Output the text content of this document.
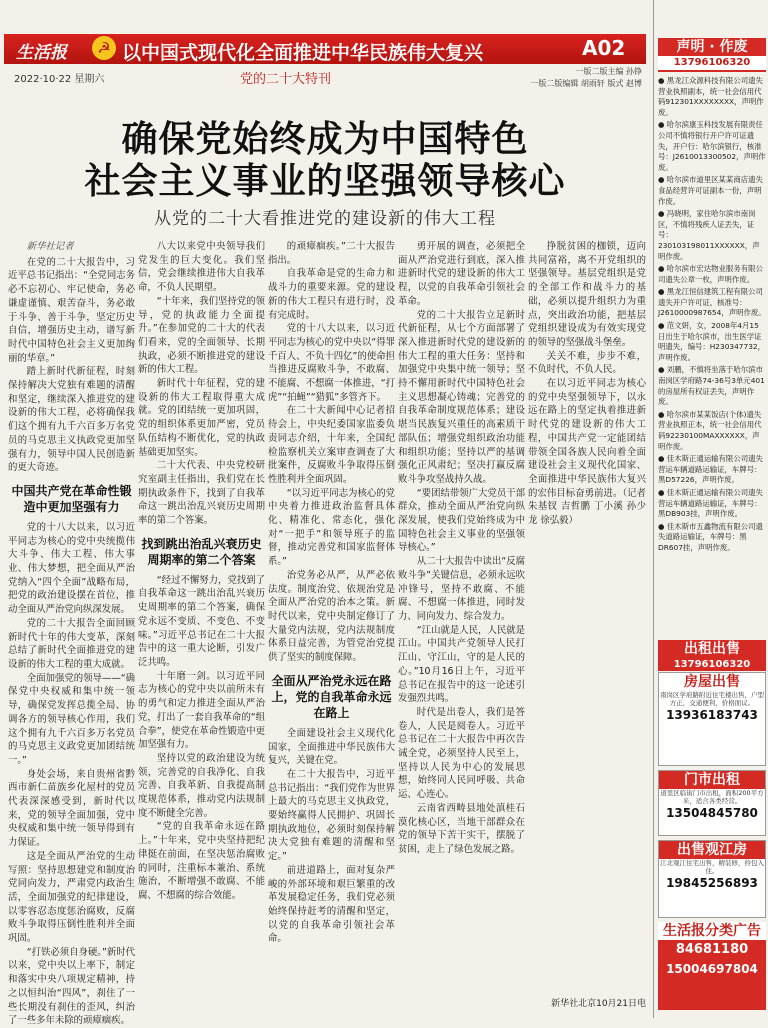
生活报	☭ 以中国式现代化全面推进中华民族伟大复兴	A02
2022·10·22 星期六	党的二十大特刊
一版二版主编 孙铮
一版二版编辑 胡雨轩 版式 赵博
确保党始终成为中国特色
社会主义事业的坚强领导核心
从党的二十大看推进党的建设新的伟大工程

新华社记者

在党的二十大报告中，习近平总书记指出：“全党同志务必不忘初心、牢记使命，务必谦虚谨慎、艰苦奋斗，务必敢于斗争、善于斗争，坚定历史自信，增强历史主动，谱写新时代中国特色社会主义更加绚丽的华章。”

踏上新时代新征程，时刻保持解决大党独有难题的清醒和坚定，继续深入推进党的建设新的伟大工程，必将确保我们这个拥有九千六百多万名党员的马克思主义执政党更加坚强有力，领导中国人民创造新的更大奇迹。

中国共产党在革命性锻造中更加坚强有力

党的十八大以来，以习近平同志为核心的党中央统揽伟大斗争、伟大工程、伟大事业、伟大梦想，把全面从严治党纳入“四个全面”战略布局，把党的政治建设摆在首位，推动全面从严治党向纵深发展。

党的二十大报告全面回顾新时代十年的伟大变革，深刻总结了新时代全面推进党的建设新的伟大工程的重大成就。

全面加强党的领导——“确保党中央权威和集中统一领导，确保党发挥总揽全局、协调各方的领导核心作用，我们这个拥有九千六百多万名党员的马克思主义政党更加团结统一。”

身处会场，来自贵州省黔西市新仁苗族乡化屋村的党员代表深深感受到，新时代以来，党的领导全面加强，党中央权威和集中统一领导得到有力保证。

这是全面从严治党的生动写照：坚持思想建党和制度治党同向发力，严肃党内政治生活，全面加强党的纪律建设，以零容忍态度惩治腐败，反腐败斗争取得压倒性胜利并全面巩固。

“打铁必须自身硬。”新时代以来，党中央以上率下，制定和落实中央八项规定精神，持之以恒纠治“四风”，刹住了一些长期没有刹住的歪风，纠治了一些多年未除的顽瘴痼疾。

八大以来党中央领导我们党发生的巨大变化。我们坚信，党会继续推进伟大自我革命，不负人民期望。

“十年来，我们坚持党的领导，党的执政能力全面提升。”在参加党的二十大的代表们看来，党的全面领导、长期执政，必须不断推进党的建设新的伟大工程。

新时代十年征程，党的建设新的伟大工程取得重大成就。党的团结统一更加巩固，党的组织体系更加严密，党员队伍结构不断优化，党的执政基础更加坚实。

二十大代表、中央党校研究室副主任指出，我们党在长期执政条件下，找到了自我革命这一跳出治乱兴衰历史周期率的第二个答案。

找到跳出治乱兴衰历史周期率的第二个答案

“经过不懈努力，党找到了自我革命这一跳出治乱兴衰历史周期率的第二个答案，确保党永远不变质、不变色、不变味。”习近平总书记在二十大报告中的这一重大论断，引发广泛共鸣。

十年磨一剑。以习近平同志为核心的党中央以前所未有的勇气和定力推进全面从严治党，打出了一套自我革命的“组合拳”，使党在革命性锻造中更加坚强有力。

坚持以党的政治建设为统领，完善党的自我净化、自我完善、自我革新、自我提高制度规范体系，推动党内法规制度不断健全完善。

“党的自我革命永远在路上。”十年来，党中央坚持把纪律挺在前面，在坚决惩治腐败的同时，注重标本兼治、系统施治，不断增强不敢腐、不能腐、不想腐的综合效能。

的顽瘴痼疾。”二十大报告指出。

自我革命是党的生命力和战斗力的重要来源。党的建设新的伟大工程只有进行时，没有完成时。

党的十八大以来，以习近平同志为核心的党中央以“得罪千百人、不负十四亿”的使命担当推进反腐败斗争，不敢腐、不能腐、不想腐一体推进，“打虎”“拍蝇”“猎狐”多管齐下。

在二十大新闻中心记者招待会上，中央纪委国家监委负责同志介绍，十年来，全国纪检监察机关立案审查调查了大批案件，反腐败斗争取得压倒性胜利并全面巩固。

“以习近平同志为核心的党中央着力推进政治监督具体化、精准化、常态化，强化对“一把手”和领导班子的监督，推动完善党和国家监督体系。”

治党务必从严，从严必依法度。制度治党、依规治党是全面从严治党的治本之策。新时代以来，党中央制定修订了大量党内法规，党内法规制度体系日益完善，为管党治党提供了坚实的制度保障。

全面从严治党永远在路上，党的自我革命永远在路上

全面建设社会主义现代化国家，全面推进中华民族伟大复兴，关键在党。

在二十大报告中，习近平总书记指出：“我们党作为世界上最大的马克思主义执政党，要始终赢得人民拥护、巩固长期执政地位，必须时刻保持解决大党独有难题的清醒和坚定。”

前进道路上，面对复杂严峻的外部环境和艰巨繁重的改革发展稳定任务，我们党必须始终保持赶考的清醒和坚定，以党的自我革命引领社会革命。

勇开展的调查，必须把全面从严治党进行到底，深入推进新时代党的建设新的伟大工程，以党的自我革命引领社会革命。

党的二十大报告立足新时代新征程，从七个方面部署了深入推进新时代党的建设新的伟大工程的重大任务：坚持和加强党中央集中统一领导；坚持不懈用新时代中国特色社会主义思想凝心铸魂；完善党的自我革命制度规范体系；建设堪当民族复兴重任的高素质干部队伍；增强党组织政治功能和组织功能；坚持以严的基调强化正风肃纪；坚决打赢反腐败斗争攻坚战持久战。

“要团结带领广大党员干部群众，推动全面从严治党向纵深发展，使我们党始终成为中国特色社会主义事业的坚强领导核心。”

从二十大报告中读出“反腐败斗争”关键信息，必须永远吹冲锋号，坚持不敢腐、不能腐、不想腐一体推进，同时发力、同向发力、综合发力。

“江山就是人民，人民就是江山。中国共产党领导人民打江山、守江山，守的是人民的心。”10月16日上午，习近平总书记在报告中的这一论述引发强烈共鸣。

时代是出卷人，我们是答卷人，人民是阅卷人。习近平总书记在二十大报告中再次告诫全党，必须坚持人民至上，坚持以人民为中心的发展思想，始终同人民同呼吸、共命运、心连心。

云南省西畴县地处滇桂石漠化核心区，当地干部群众在党的领导下苦干实干，摆脱了贫困，走上了绿色发展之路。

挣脱贫困的枷锁，迈向共同富裕，离不开党组织的坚强领导。基层党组织是党的全部工作和战斗力的基础，必须以提升组织力为重点，突出政治功能，把基层党组织建设成为有效实现党的领导的坚强战斗堡垒。

关关不难，步步不难，不负时代，不负人民。

在以习近平同志为核心的党中央坚强领导下，以永远在路上的坚定执着推进新时代党的建设新的伟大工程，中国共产党一定能团结带领全国各族人民向着全面建设社会主义现代化国家、全面推进中华民族伟大复兴的宏伟目标奋勇前进。（记者 朱基钗 吉哲鹏 丁小溪 孙少龙 徐弘毅）

新华社北京10月21日电
声明 · 作废
13796106320

● 黑龙江众源科技有限公司遗失营业执照副本，统一社会信用代码912301XXXXXXXX，声明作废。

● 哈尔滨康玉科技发展有限责任公司不慎将银行开户许可证遗失，开户行：哈尔滨银行，核准号：J2610013300502，声明作废。

● 哈尔滨市道里区某某商店遗失食品经营许可证副本一份，声明作废。

● 冯晓明，家住哈尔滨市南岗区，不慎将残疾人证丢失，证号：230103198011XXXXXX，声明作废。

● 哈尔滨市宏达物业服务有限公司遗失公章一枚，声明作废。

● 黑龙江恒信建筑工程有限公司遗失开户许可证，核准号：J2610000987654，声明作废。

● 范文妍，女，2008年4月15日出生于哈尔滨市，出生医学证明遗失，编号：H230347732，声明作废。

● 刘鹏，不慎将坐落于哈尔滨市南岗区学府路74-36号3单元401的房屋所有权证丢失，声明作废。

● 哈尔滨市某某饭店(个体)遗失营业执照正本，统一社会信用代码92230100MAXXXXXX，声明作废。

● 佳木斯正通运输有限公司遗失营运车辆道路运输证，车牌号：黑D57226，声明作废。

● 佳木斯正通运输有限公司遗失营运车辆道路运输证，车牌号：黑DB903挂，声明作废。

● 佳木斯市五鑫物流有限公司遗失道路运输证，车牌号：黑DR607挂，声明作废。

出租出售
13796106320
房屋出售
南岗区学府路附近住宅楼出售，户型方正，交通便利，价格面议。
13936183743
门市出租
道里区临街门市出租，面积200平方米，适合各类经营。
13504845780
出售观江房
江北观江住宅出售，精装修，拎包入住。
19845256893
生活报分类广告
84681180
15004697804
